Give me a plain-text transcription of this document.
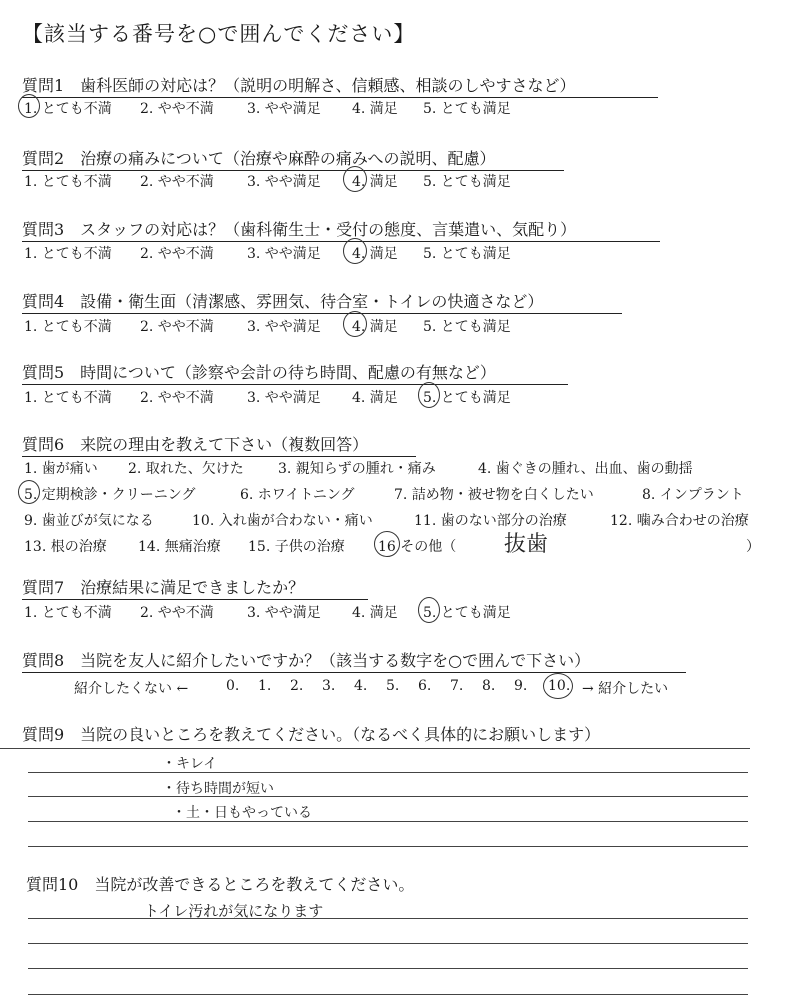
【該当する番号を○で囲んでください】
質問1　歯科医師の対応は？（説明の明解さ、信頼感、相談のしやすさなど）
1. とても不満 2. やや不満 3. やや満足 4. 満足 5. とても満足
質問2　治療の痛みについて（治療や麻酔の痛みへの説明、配慮）
1. とても不満 2. やや不満 3. やや満足 4. 満足 5. とても満足
質問3　スタッフの対応は？（歯科衛生士・受付の態度、言葉遣い、気配り）
1. とても不満 2. やや不満 3. やや満足 4. 満足 5. とても満足
質問4　設備・衛生面（清潔感、雰囲気、待合室・トイレの快適さなど）
1. とても不満 2. やや不満 3. やや満足 4. 満足 5. とても満足
質問5　時間について（診察や会計の待ち時間、配慮の有無など）
1. とても不満 2. やや不満 3. やや満足 4. 満足 5. とても満足
質問6　来院の理由を教えて下さい（複数回答）
1. 歯が痛い 2. 取れた、欠けた 3. 親知らずの腫れ・痛み	4. 歯ぐきの腫れ、出血、歯の動揺
5. 定期検診・クリーニング	6. ホワイトニング	7. 詰め物・被せ物を白くしたい	8. インプラント
9. 歯並びが気になる	10. 入れ歯が合わない・痛い	11. 歯のない部分の治療	12. 噛み合わせの治療
13. 根の治療 14. 無痛治療 15. 子供の治療 16 その他（	）
抜歯
質問7　治療結果に満足できましたか？
1. とても不満 2. やや不満 3. やや満足 4. 満足 5. とても満足
質問8　当院を友人に紹介したいですか？（該当する数字を○で囲んで下さい）
紹介したくない ←	0. 1. 2. 3. 4. 5. 6. 7. 8. 9. 10. → 紹介したい
質問9　当院の良いところを教えてください。（なるべく具体的にお願いします）
・キレイ
・待ち時間が短い
・土・日もやっている
質問10　当院が改善できるところを教えてください。
トイレ汚れが気になります
